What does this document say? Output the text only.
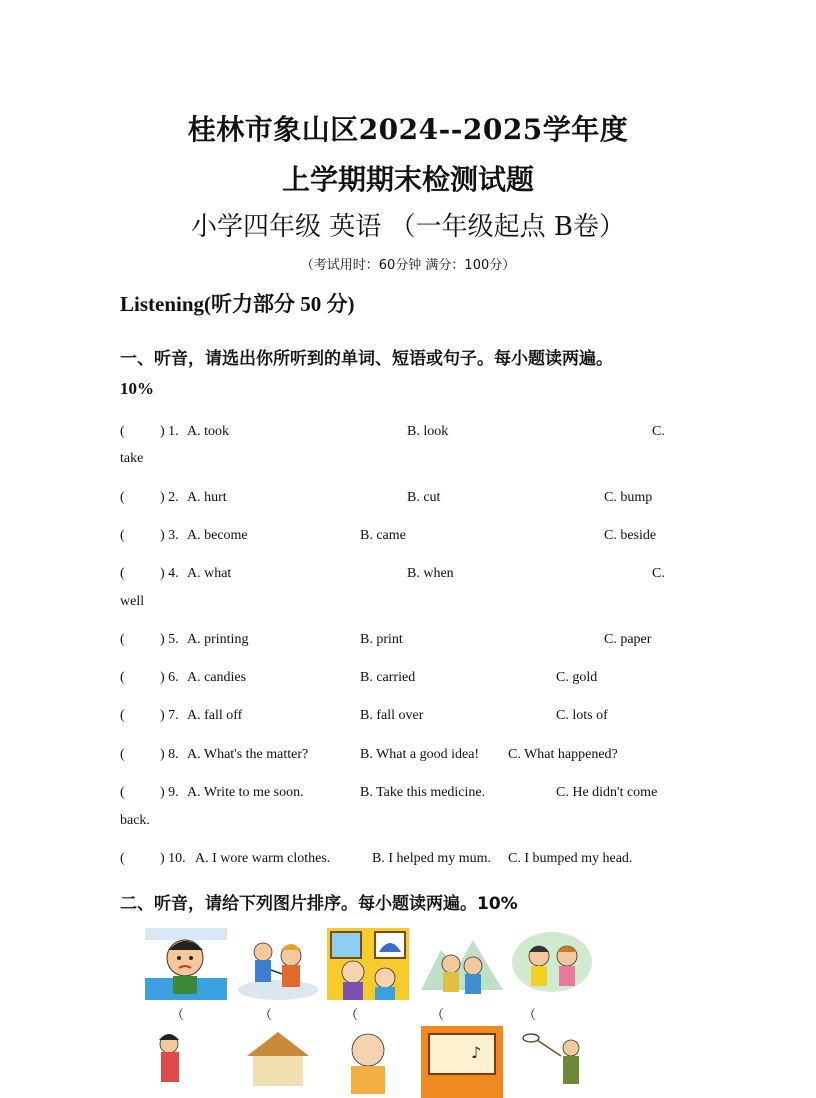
桂林市象山区2024--2025学年度
上学期期末检测试题
小学四年级 英语 （一年级起点 B卷）
（考试用时：60分钟 满分：100分）
Listening(听力部分 50 分)
一、听音，请选出你所听到的单词、短语或句子。每小题读两遍。
10%
(	) 1. A. took	B. look	C.
take
(	) 2. A. hurt	B. cut	C. bump
(	) 3. A. become	B. came	C. beside
(	) 4. A. what	B. when	C.
well
(	) 5. A. printing	B. print	C. paper
(	) 6. A. candies	B. carried	C. gold
(	) 7. A. fall off	B. fall over	C. lots of
(	) 8. A. What's the matter?	B. What a good idea! C. What happened?
(	) 9. A. Write to me soon.	B. Take this medicine.	C. He didn't come
back.
(	) 10. A. I wore warm clothes.	B. I helped my mum. C. I bumped my head.
二、听音，请给下列图片排序。每小题读两遍。10%
（	（	（	（	（
♪
